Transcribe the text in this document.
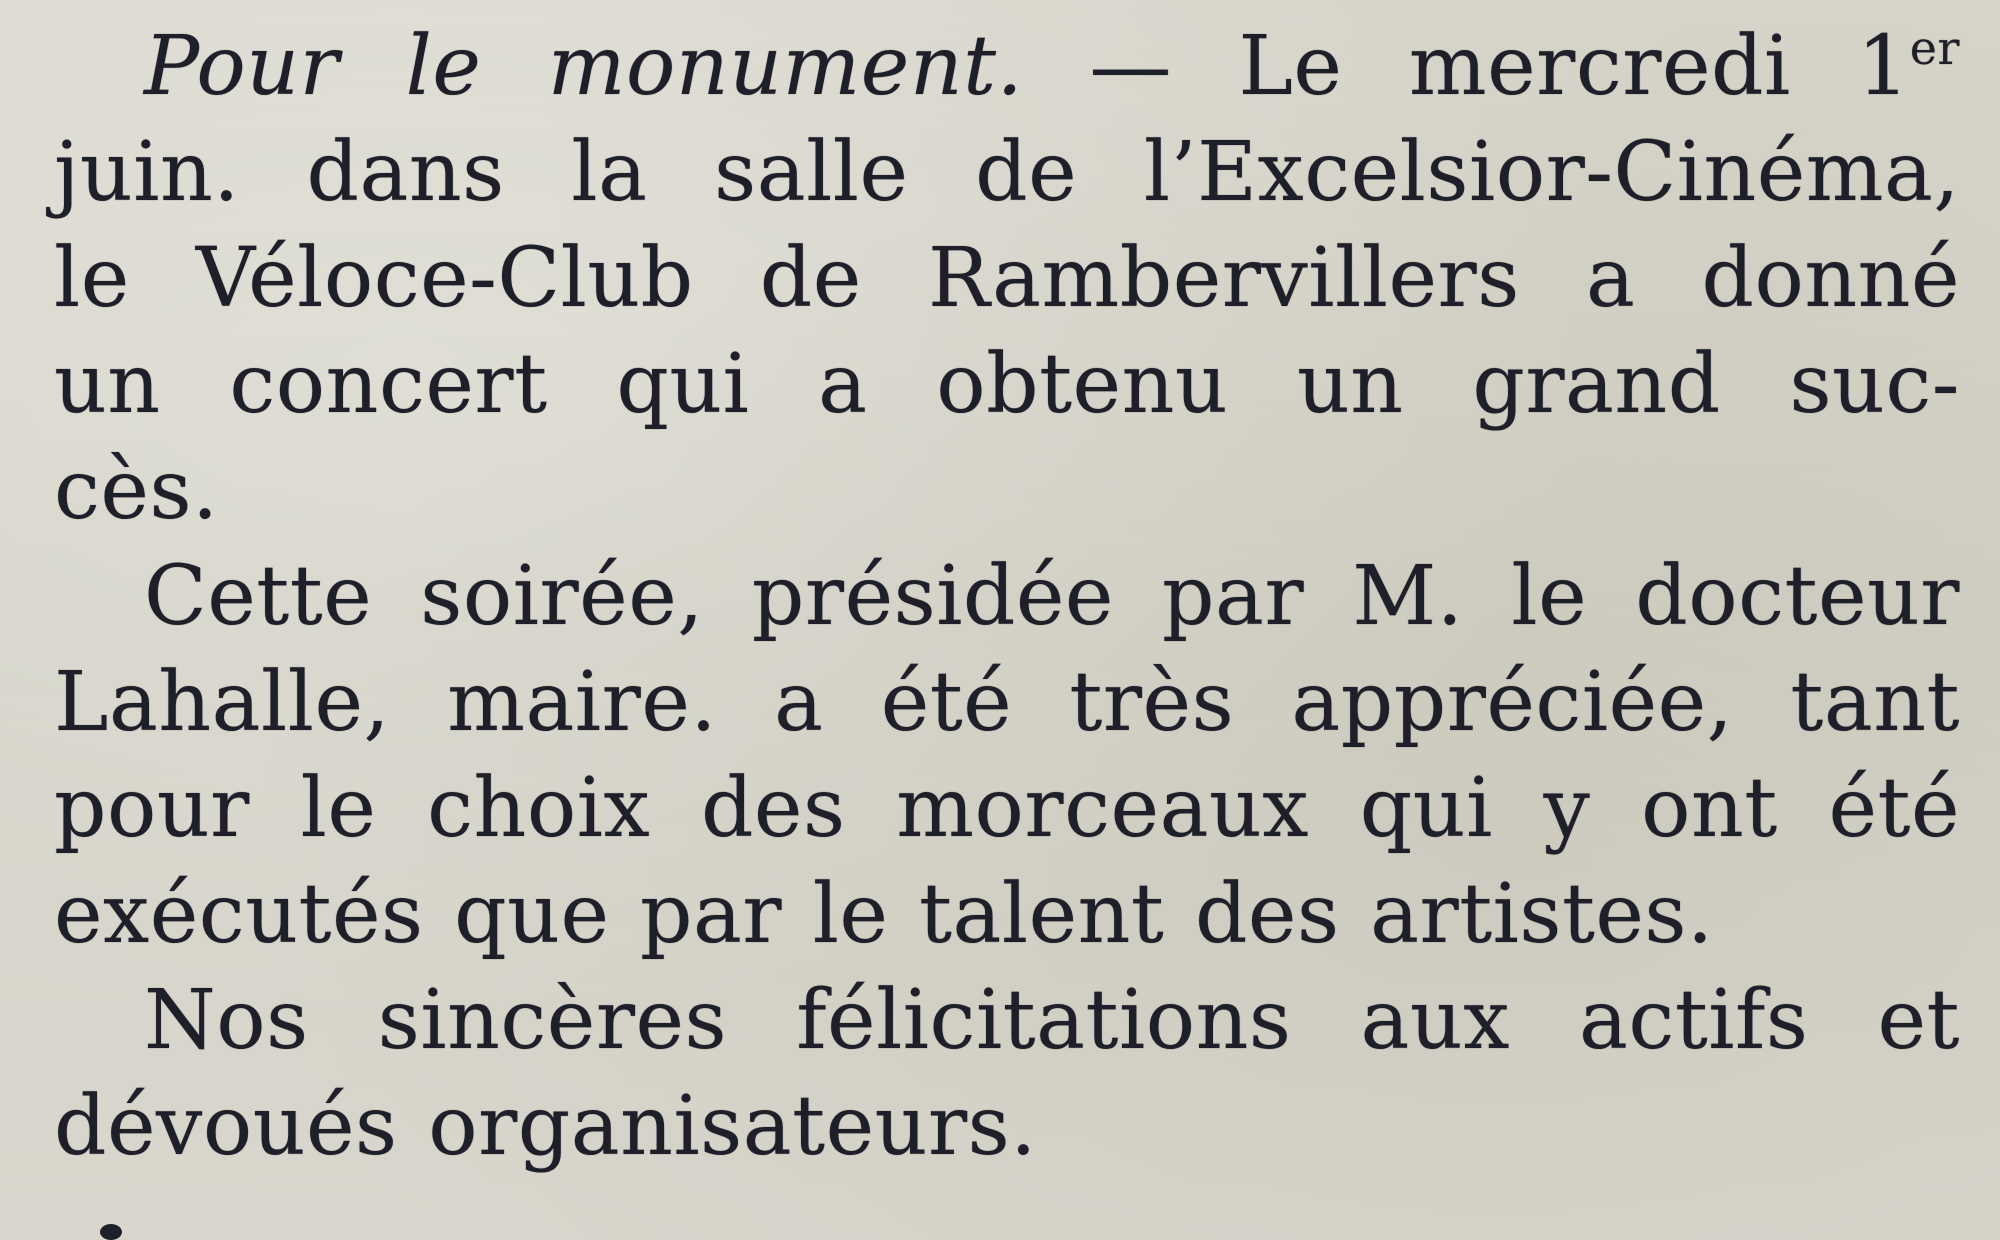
Pour le monument. — Le mercredi 1er
juin. dans la salle de l’Excelsior-Cinéma,
le Véloce-Club de Rambervillers a donné
un concert qui a obtenu un grand suc-
cès.
Cette soirée, présidée par M. le docteur
Lahalle, maire. a été très appréciée, tant
pour le choix des morceaux qui y ont été
exécutés que par le talent des artistes.
Nos sincères félicitations aux actifs et
dévoués organisateurs.
